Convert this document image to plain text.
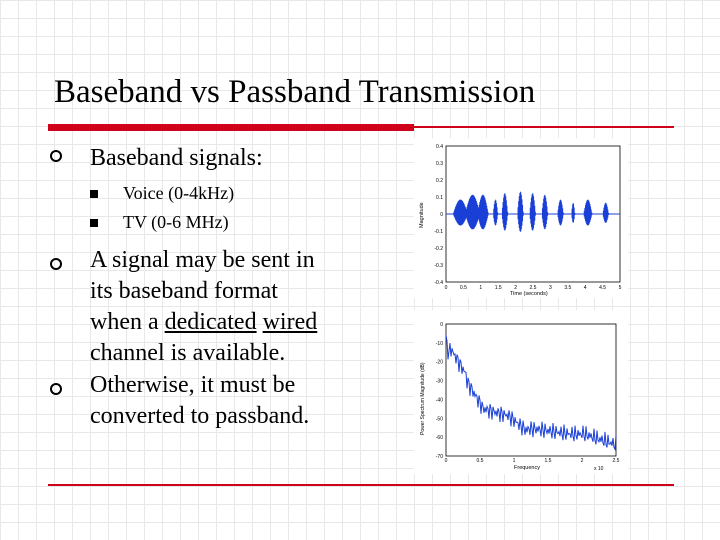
Baseband vs Passband Transmission
Baseband signals:
Voice (0-4kHz)
TV (0-6 MHz)
A signal may be sent in
its baseband format
when a dedicated wired
channel is available.
Otherwise, it must be
converted to passband.
0.4
0.3
0.2
0.1
0
-0.1
-0.2
-0.3
-0.4
0	0.5	1	1.5	2	2.5	3	3.5	4	4.5	5
Magnitude
Time (seconds)
0
-10
-20
-30
-40
-50
-60
-70
0	0.5	1	1.5	2	2.5
Power Spectrum Magnitude (dB)
Frequency	x 10
